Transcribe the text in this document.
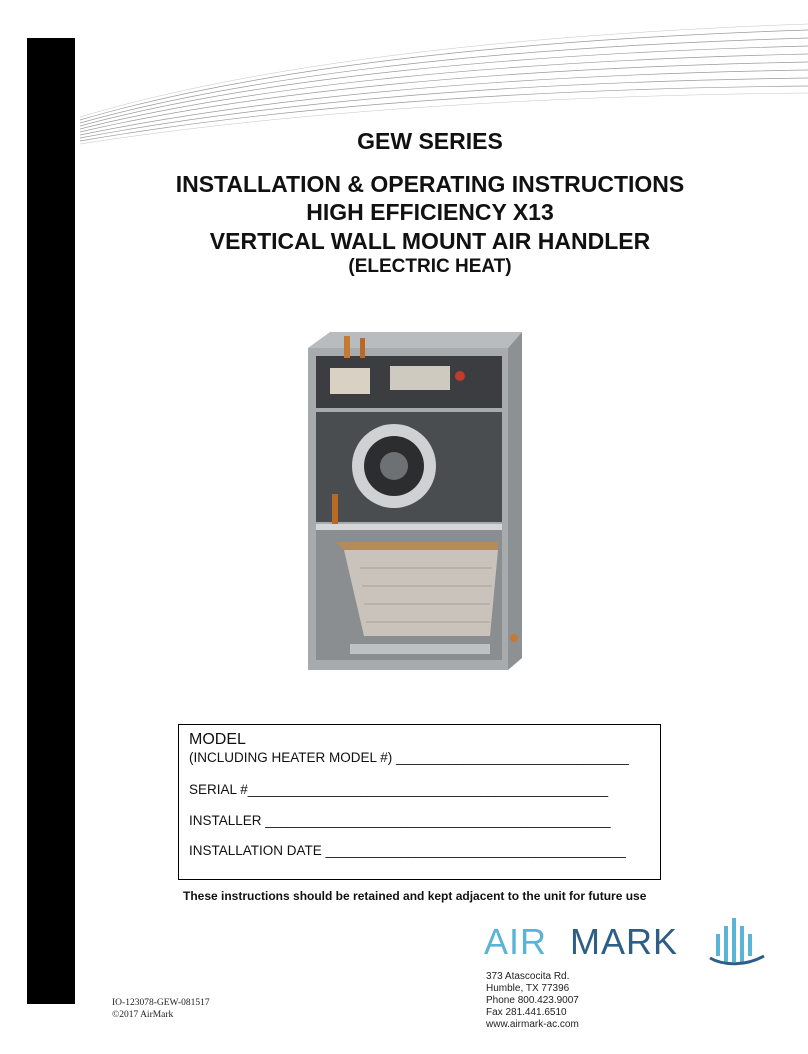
GEW SERIES
INSTALLATION & OPERATING INSTRUCTIONS
HIGH EFFICIENCY X13
VERTICAL WALL MOUNT AIR HANDLER
(ELECTRIC HEAT)
MODEL
(INCLUDING HEATER MODEL #) _______________________________
SERIAL #________________________________________________
INSTALLER ______________________________________________
INSTALLATION DATE ________________________________________
These instructions should be retained and kept adjacent to the unit for future use
AIR MARK
373 Atascocita Rd.
Humble, TX 77396
Phone 800.423.9007
Fax 281.441.6510
www.airmark-ac.com
IO-123078-GEW-081517
©2017 AirMark
